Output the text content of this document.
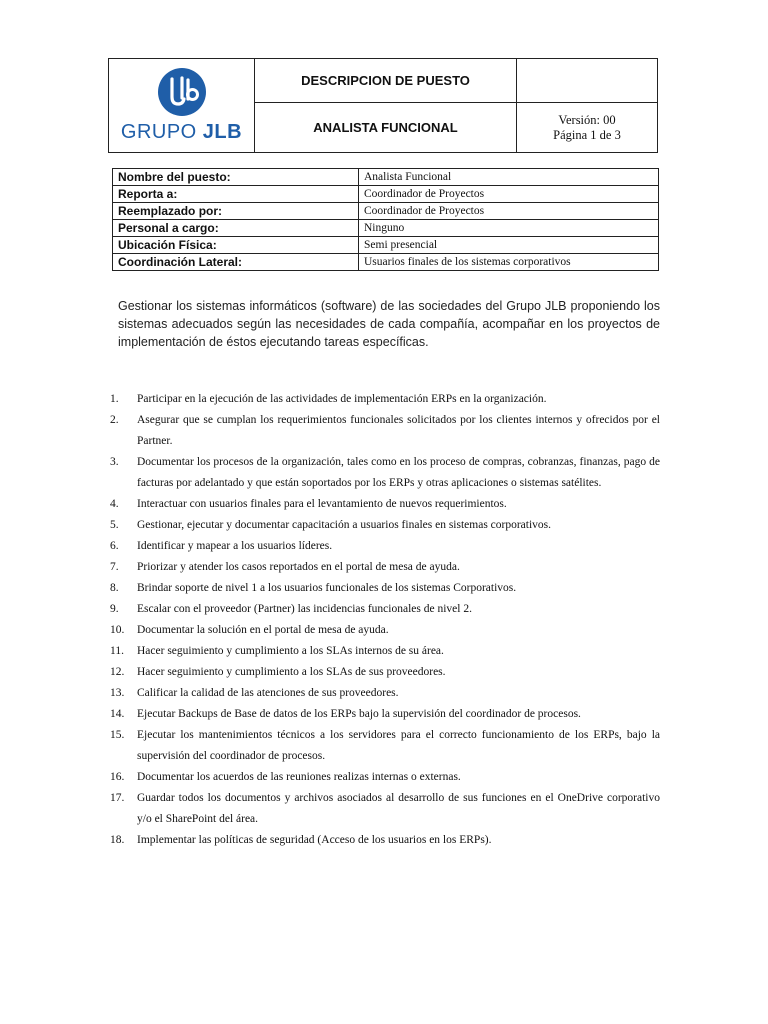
GRUPO JLB	DESCRIPCION DE PUESTO	
	ANALISTA FUNCIONAL	Versión: 00
Página 1 de 3
Nombre del puesto:	Analista Funcional
Reporta a:	Coordinador de Proyectos
Reemplazado por:	Coordinador de Proyectos
Personal a cargo:	Ninguno
Ubicación Física:	Semi presencial
Coordinación Lateral:	Usuarios finales de los sistemas corporativos
Gestionar los sistemas informáticos (software) de las sociedades del Grupo JLB proponiendo los sistemas adecuados según las necesidades de cada compañía, acompañar en los proyectos de implementación de éstos ejecutando tareas específicas.
1.	Participar en la ejecución de las actividades de implementación ERPs en la organización.
2.	Asegurar que se cumplan los requerimientos funcionales solicitados por los clientes internos y ofrecidos por el Partner.
3.	Documentar los procesos de la organización, tales como en los proceso de compras, cobranzas, finanzas, pago de facturas por adelantado y que están soportados por los ERPs y otras aplicaciones o sistemas satélites.
4.	Interactuar con usuarios finales para el levantamiento de nuevos requerimientos.
5.	Gestionar, ejecutar y documentar capacitación a usuarios finales en sistemas corporativos.
6.	Identificar y mapear a los usuarios líderes.
7.	Priorizar y atender los casos reportados en el portal de mesa de ayuda.
8.	Brindar soporte de nivel 1 a los usuarios funcionales de los sistemas Corporativos.
9.	Escalar con el proveedor (Partner) las incidencias funcionales de nivel 2.
10.	Documentar la solución en el portal de mesa de ayuda.
11.	Hacer seguimiento y cumplimiento a los SLAs internos de su área.
12.	Hacer seguimiento y cumplimiento a los SLAs de sus proveedores.
13.	Calificar la calidad de las atenciones de sus proveedores.
14.	Ejecutar Backups de Base de datos de los ERPs bajo la supervisión del coordinador de procesos.
15.	Ejecutar los mantenimientos técnicos a los servidores para el correcto funcionamiento de los ERPs, bajo la supervisión del coordinador de procesos.
16.	Documentar los acuerdos de las reuniones realizas internas o externas.
17.	Guardar todos los documentos y archivos asociados al desarrollo de sus funciones en el OneDrive corporativo y/o el SharePoint del área.
18.	Implementar las políticas de seguridad (Acceso de los usuarios en los ERPs).
